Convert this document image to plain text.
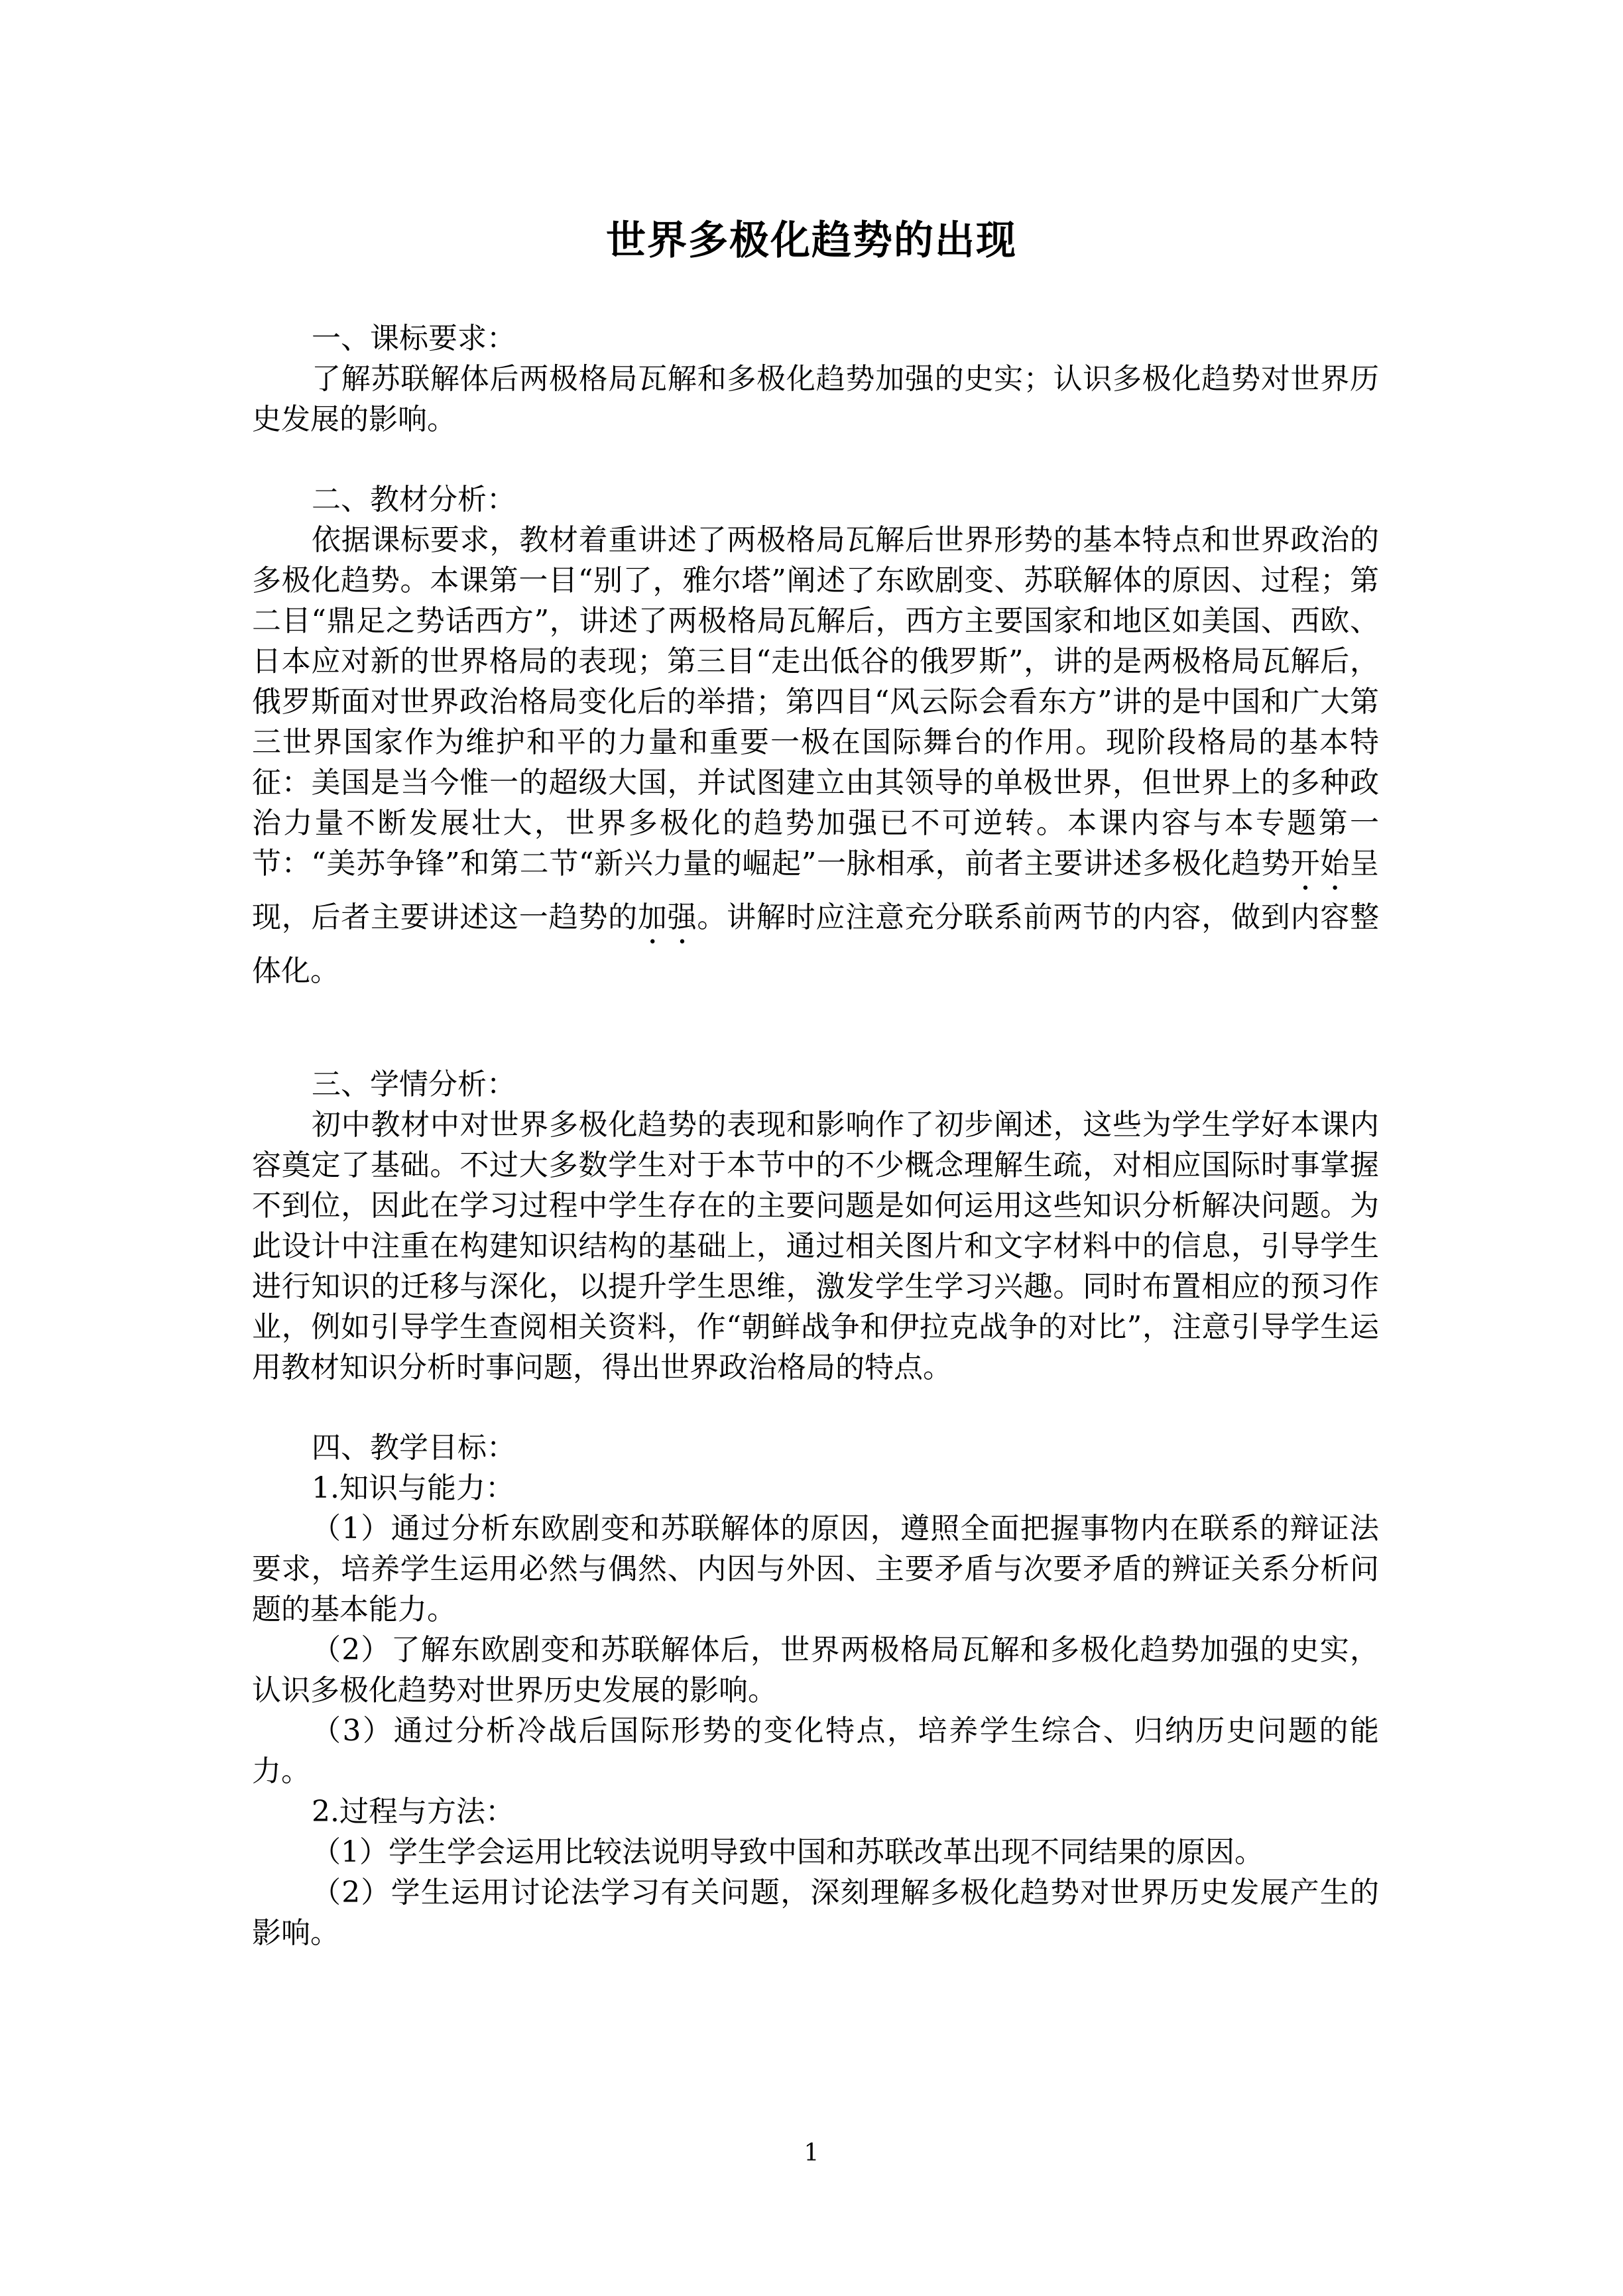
世界多极化趋势的出现

一、课标要求：

了解苏联解体后两极格局瓦解和多极化趋势加强的史实；认识多极化趋势对世界历史发展的影响。

二、教材分析：

依据课标要求，教材着重讲述了两极格局瓦解后世界形势的基本特点和世界政治的多极化趋势。本课第一目“别了，雅尔塔”阐述了东欧剧变、苏联解体的原因、过程；第二目“鼎足之势话西方”，讲述了两极格局瓦解后，西方主要国家和地区如美国、西欧、日本应对新的世界格局的表现；第三目“走出低谷的俄罗斯”，讲的是两极格局瓦解后，俄罗斯面对世界政治格局变化后的举措；第四目“风云际会看东方”讲的是中国和广大第三世界国家作为维护和平的力量和重要一极在国际舞台的作用。现阶段格局的基本特征：美国是当今惟一的超级大国，并试图建立由其领导的单极世界，但世界上的多种政治力量不断发展壮大，世界多极化的趋势加强已不可逆转。本课内容与本专题第一节：“美苏争锋”和第二节“新兴力量的崛起”一脉相承，前者主要讲述多极化趋势开始呈现，后者主要讲述这一趋势的加强。讲解时应注意充分联系前两节的内容，做到内容整体化。

三、学情分析：

初中教材中对世界多极化趋势的表现和影响作了初步阐述，这些为学生学好本课内容奠定了基础。不过大多数学生对于本节中的不少概念理解生疏，对相应国际时事掌握不到位，因此在学习过程中学生存在的主要问题是如何运用这些知识分析解决问题。为此设计中注重在构建知识结构的基础上，通过相关图片和文字材料中的信息，引导学生进行知识的迁移与深化，以提升学生思维，激发学生学习兴趣。同时布置相应的预习作业，例如引导学生查阅相关资料，作“朝鲜战争和伊拉克战争的对比”，注意引导学生运用教材知识分析时事问题，得出世界政治格局的特点。

四、教学目标：

1.知识与能力：

（1）通过分析东欧剧变和苏联解体的原因，遵照全面把握事物内在联系的辩证法要求，培养学生运用必然与偶然、内因与外因、主要矛盾与次要矛盾的辨证关系分析问题的基本能力。

（2）了解东欧剧变和苏联解体后，世界两极格局瓦解和多极化趋势加强的史实，认识多极化趋势对世界历史发展的影响。

（3）通过分析冷战后国际形势的变化特点，培养学生综合、归纳历史问题的能力。

2.过程与方法：

（1）学生学会运用比较法说明导致中国和苏联改革出现不同结果的原因。

（2）学生运用讨论法学习有关问题，深刻理解多极化趋势对世界历史发展产生的影响。

1
